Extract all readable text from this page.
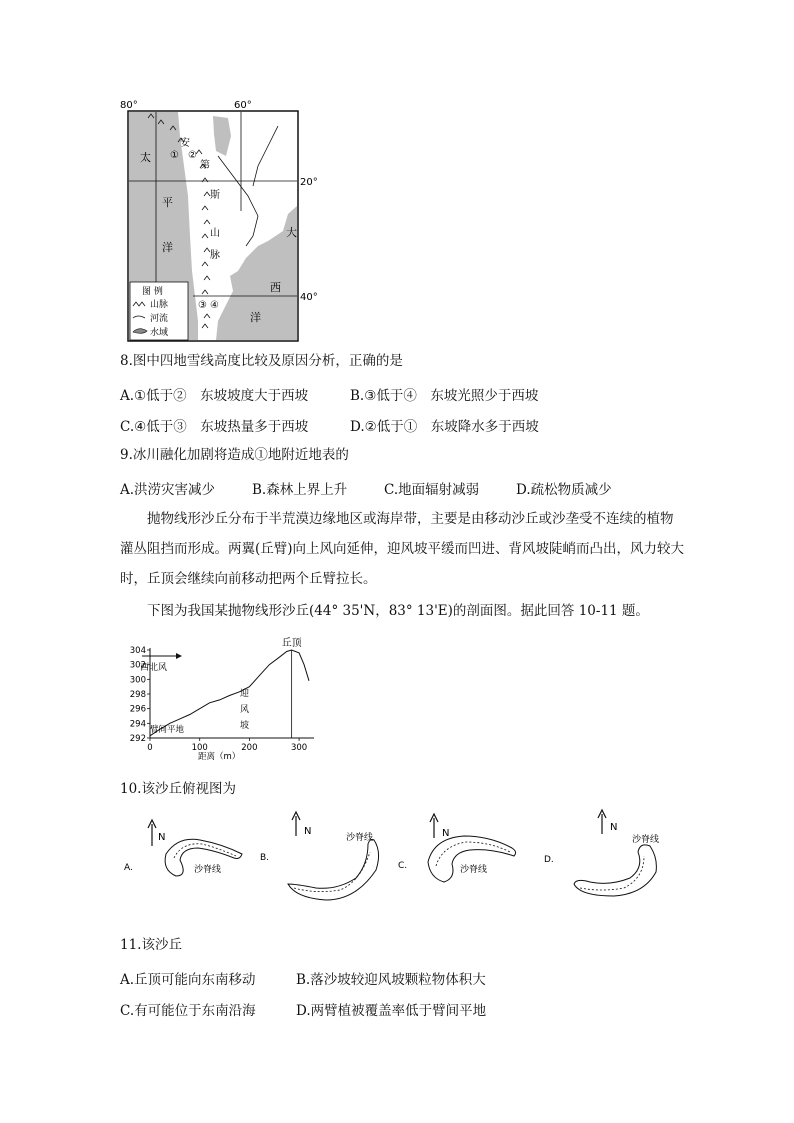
太
平
洋
大
西
洋
安
第
斯
山
脉
① ②
③ ④
80°	60°
20°
40°
图 例
山脉
河流
水域
8.图中四地雪线高度比较及原因分析，正确的是
A.①低于②　东坡坡度大于西坡	B.③低于④　东坡光照少于西坡
C.④低于③　东坡热量多于西坡	D.②低于①　东坡降水多于西坡
9.冰川融化加剧将造成①地附近地表的
A.洪涝灾害减少	B.森林上界上升	C.地面辐射减弱	D.疏松物质减少
抛物线形沙丘分布于半荒漠边缘地区或海岸带，主要是由移动沙丘或沙垄受不连续的植物灌丛阻挡而形成。两翼(丘臂)向上风向延伸，迎风坡平缓而凹进、背风坡陡峭而凸出，风力较大时，丘顶会继续向前移动把两个丘臂拉长。
下图为我国某抛物线形沙丘(44° 35'N，83° 13'E)的剖面图。据此回答 10-11 题。
292
294
296
298
300
302
304
0	100	200	300
西北风
丘顶
迎
风
坡
臂间平地
距离（m）
10.该沙丘俯视图为
A.
N
沙脊线
B.
N
沙脊线
C.
N
沙脊线
D.
N
沙脊线
11.该沙丘
A.丘顶可能向东南移动	B.落沙坡较迎风坡颗粒物体积大
C.有可能位于东南沿海	D.两臂植被覆盖率低于臂间平地
